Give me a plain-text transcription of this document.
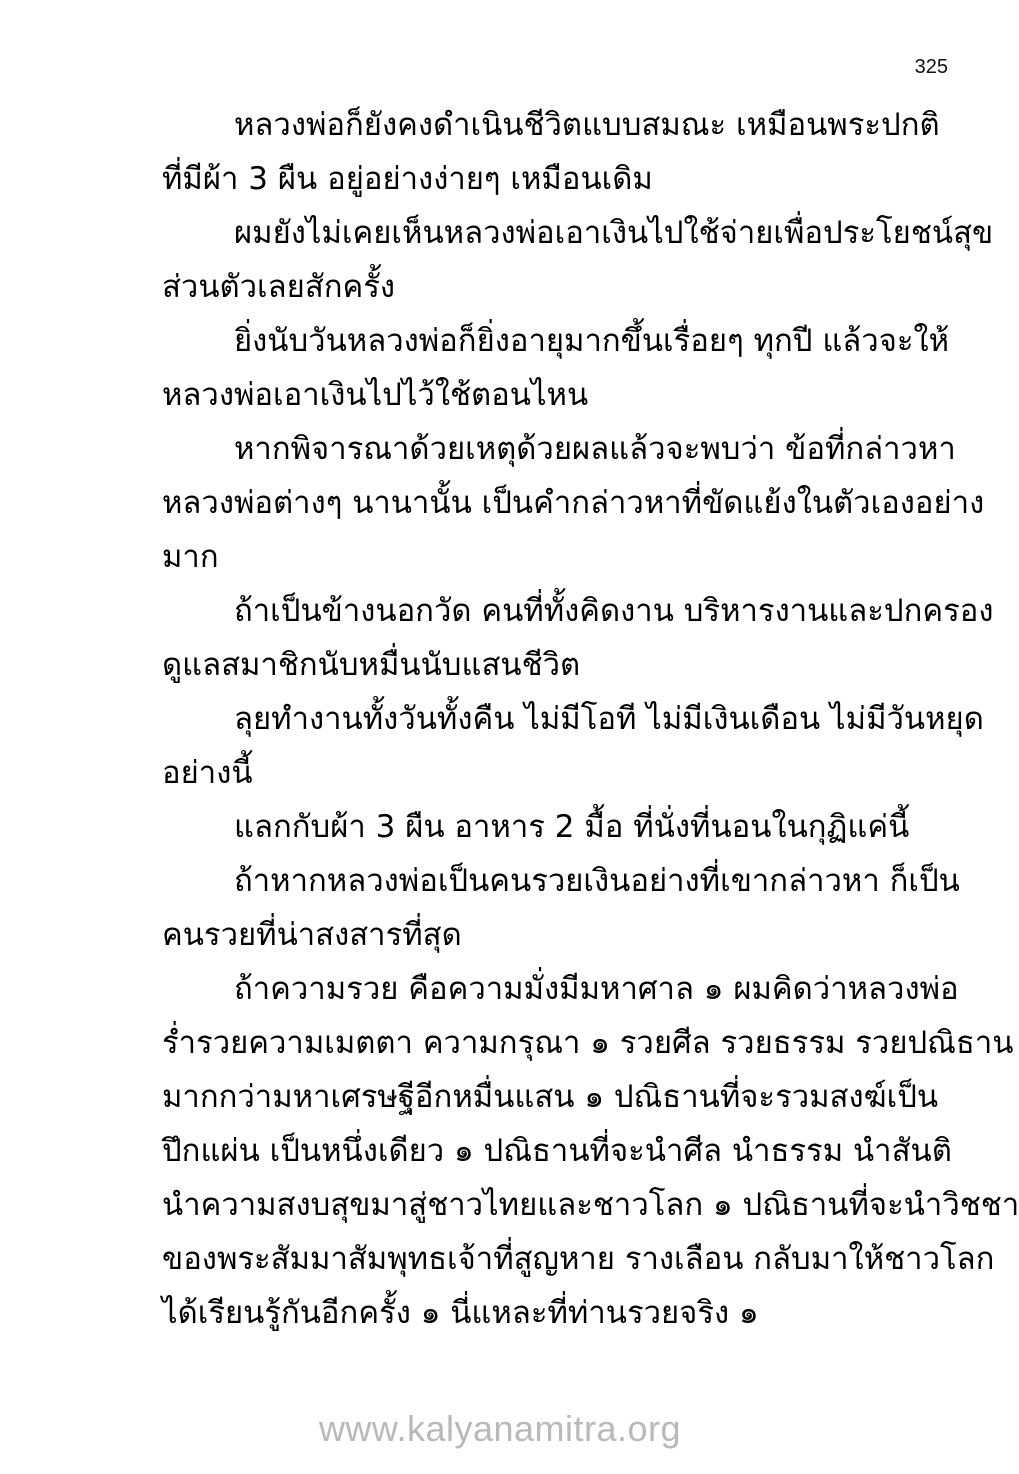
325
หลวงพ่อก็ยังคงดำเนินชีวิตแบบสมณะ เหมือนพระปกติ
ที่มีผ้า 3 ผืน อยู่อย่างง่ายๆ เหมือนเดิม
ผมยังไม่เคยเห็นหลวงพ่อเอาเงินไปใช้จ่ายเพื่อประโยชน์สุข
ส่วนตัวเลยสักครั้ง
ยิ่งนับวันหลวงพ่อก็ยิ่งอายุมากขึ้นเรื่อยๆ ทุกปี แล้วจะให้
หลวงพ่อเอาเงินไปไว้ใช้ตอนไหน
หากพิจารณาด้วยเหตุด้วยผลแล้วจะพบว่า ข้อที่กล่าวหา
หลวงพ่อต่างๆ นานานั้น เป็นคำกล่าวหาที่ขัดแย้งในตัวเองอย่าง
มาก
ถ้าเป็นข้างนอกวัด คนที่ทั้งคิดงาน บริหารงานและปกครอง
ดูแลสมาชิกนับหมื่นนับแสนชีวิต
ลุยทำงานทั้งวันทั้งคืน ไม่มีโอที ไม่มีเงินเดือน ไม่มีวันหยุด
อย่างนี้
แลกกับผ้า 3 ผืน อาหาร 2 มื้อ ที่นั่งที่นอนในกุฏิแค่นี้
ถ้าหากหลวงพ่อเป็นคนรวยเงินอย่างที่เขากล่าวหา ก็เป็น
คนรวยที่น่าสงสารที่สุด
ถ้าความรวย คือความมั่งมีมหาศาล ๑ ผมคิดว่าหลวงพ่อ
ร่ำรวยความเมตตา ความกรุณา ๑ รวยศีล รวยธรรม รวยปณิธาน
มากกว่ามหาเศรษฐีอีกหมื่นแสน ๑ ปณิธานที่จะรวมสงฆ์เป็น
ปึกแผ่น เป็นหนึ่งเดียว ๑ ปณิธานที่จะนำศีล นำธรรม นำสันติ
นำความสงบสุขมาสู่ชาวไทยและชาวโลก ๑ ปณิธานที่จะนำวิชชา
ของพระสัมมาสัมพุทธเจ้าที่สูญหาย รางเลือน กลับมาให้ชาวโลก
ได้เรียนรู้กันอีกครั้ง ๑ นี่แหละที่ท่านรวยจริง ๑
www.kalyanamitra.org
